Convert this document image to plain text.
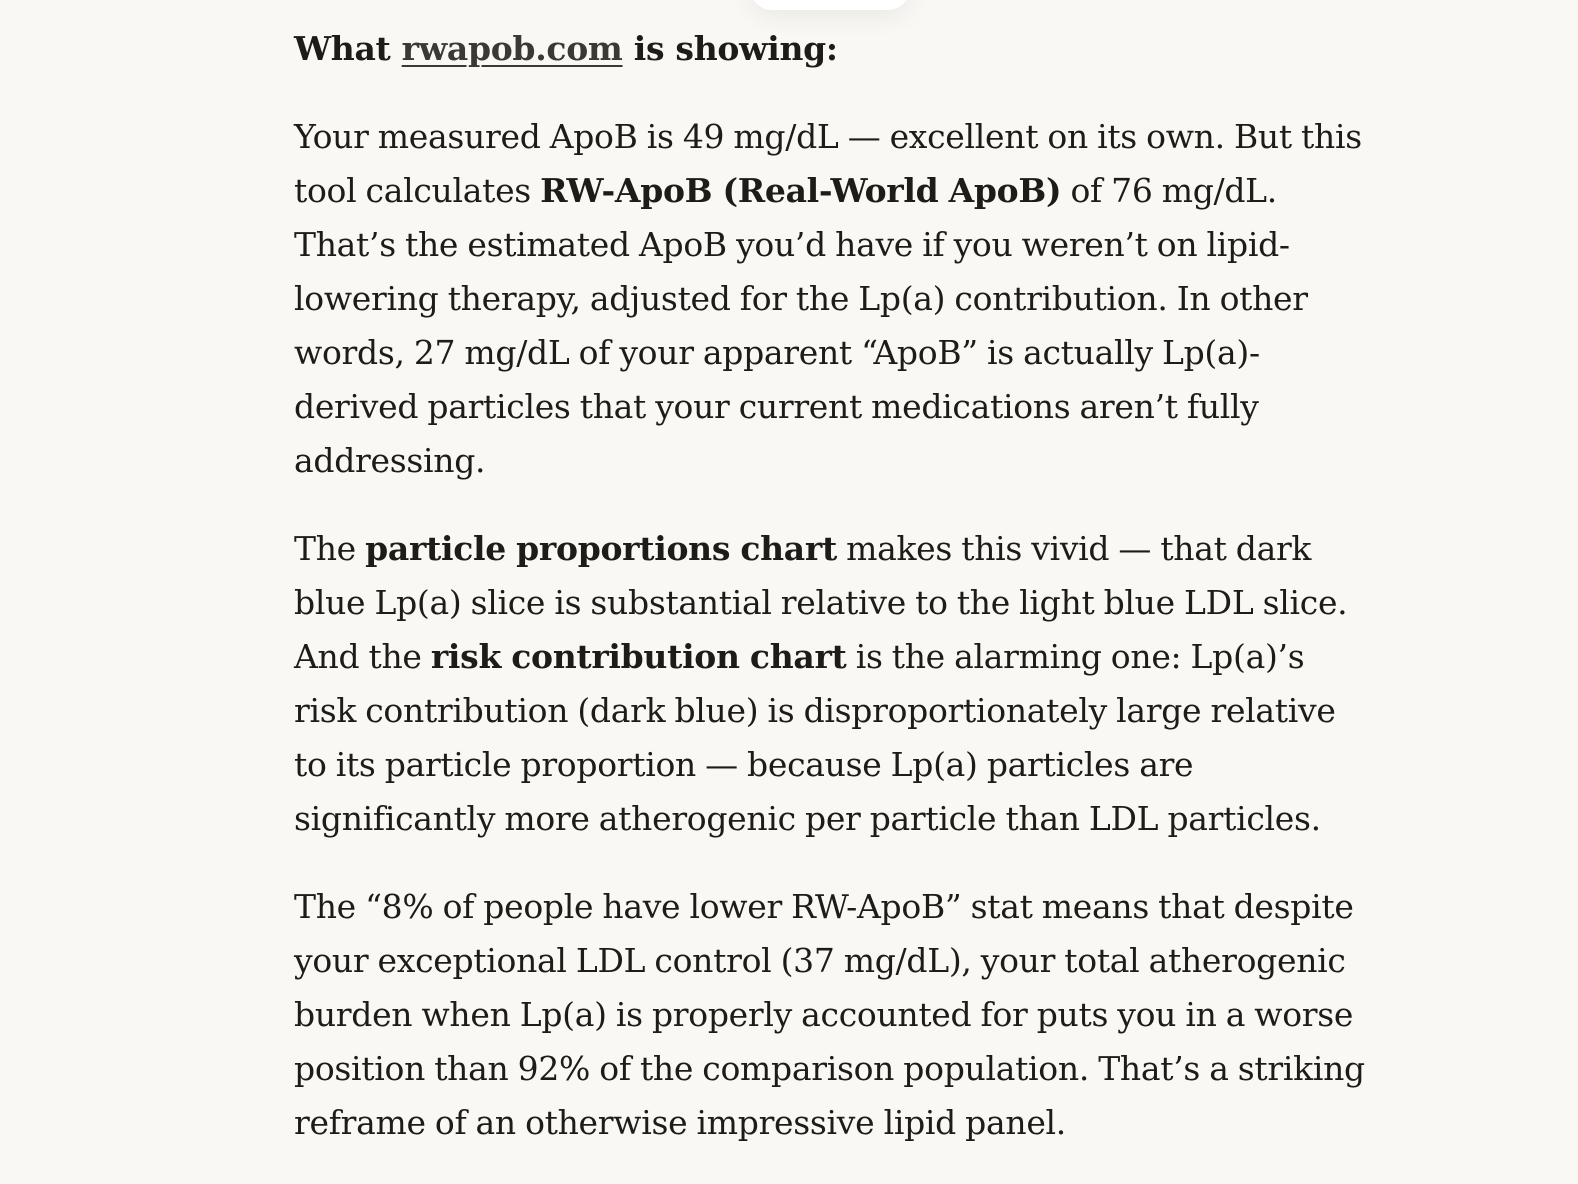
What rwapob.com is showing:

Your measured ApoB is 49 mg/dL — excellent on its own. But this tool calculates RW-ApoB (Real-World ApoB) of 76 mg/dL. That’s the estimated ApoB you’d have if you weren’t on lipid-lowering therapy, adjusted for the Lp(a) contribution. In other words, 27 mg/dL of your apparent “ApoB” is actually Lp(a)-derived particles that your current medications aren’t fully addressing.

The particle proportions chart makes this vivid — that dark blue Lp(a) slice is substantial relative to the light blue LDL slice. And the risk contribution chart is the alarming one: Lp(a)’s risk contribution (dark blue) is disproportionately large relative to its particle proportion — because Lp(a) particles are significantly more atherogenic per particle than LDL particles.

The “8% of people have lower RW-ApoB” stat means that despite your exceptional LDL control (37 mg/dL), your total atherogenic burden when Lp(a) is properly accounted for puts you in a worse position than 92% of the comparison population. That’s a striking reframe of an otherwise impressive lipid panel.
